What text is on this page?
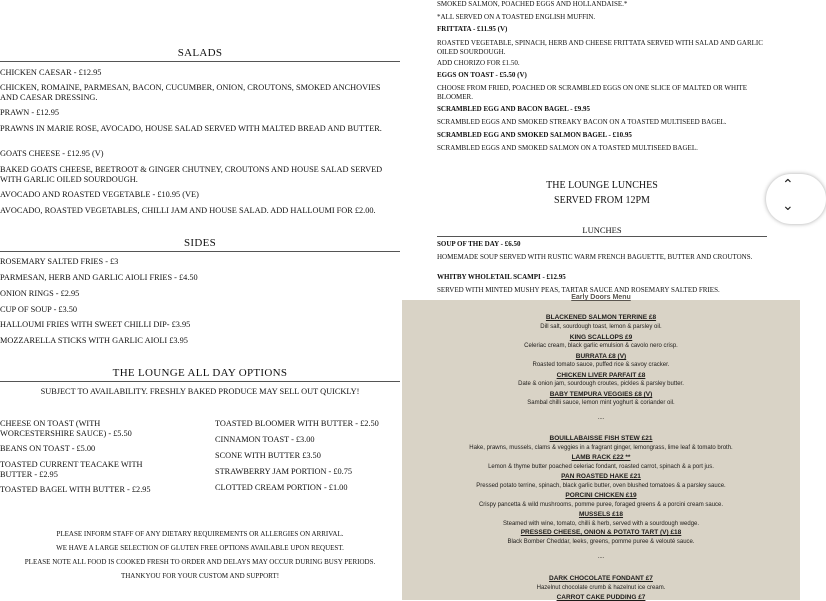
SALADS
CHICKEN CAESAR - £12.95
CHICKEN, ROMAINE, PARMESAN, BACON, CUCUMBER, ONION, CROUTONS, SMOKED ANCHOVIES AND CAESAR DRESSING.
PRAWN - £12.95
PRAWNS IN MARIE ROSE, AVOCADO, HOUSE SALAD SERVED WITH MALTED BREAD AND BUTTER.
GOATS CHEESE - £12.95 (V)
BAKED GOATS CHEESE, BEETROOT & GINGER CHUTNEY, CROUTONS AND HOUSE SALAD SERVED WITH GARLIC OILED SOURDOUGH.
AVOCADO AND ROASTED VEGETABLE - £10.95 (VE)
AVOCADO, ROASTED VEGETABLES, CHILLI JAM AND HOUSE SALAD. ADD HALLOUMI FOR £2.00.
SIDES
ROSEMARY SALTED FRIES - £3
PARMESAN, HERB AND GARLIC AIOLI FRIES - £4.50
ONION RINGS - £2.95
CUP OF SOUP - £3.50
HALLOUMI FRIES WITH SWEET CHILLI DIP- £3.95
MOZZARELLA STICKS WITH GARLIC AIOLI £3.95
THE LOUNGE ALL DAY OPTIONS
SUBJECT TO AVAILABILITY. FRESHLY BAKED PRODUCE MAY SELL OUT QUICKLY!
CHEESE ON TOAST (WITH WORCESTERSHIRE SAUCE) - £5.50
BEANS ON TOAST - £5.00
TOASTED CURRENT TEACAKE WITH BUTTER - £2.95
TOASTED BAGEL WITH BUTTER - £2.95
TOASTED BLOOMER WITH BUTTER - £2.50
CINNAMON TOAST - £3.00
SCONE WITH BUTTER £3.50
STRAWBERRY JAM PORTION - £0.75
CLOTTED CREAM PORTION - £1.00
PLEASE INFORM STAFF OF ANY DIETARY REQUIREMENTS OR ALLERGIES ON ARRIVAL.
WE HAVE A LARGE SELECTION OF GLUTEN FREE OPTIONS AVAILABLE UPON REQUEST.
PLEASE NOTE ALL FOOD IS COOKED FRESH TO ORDER AND DELAYS MAY OCCUR DURING BUSY PERIODS.
THANKYOU FOR YOUR CUSTOM AND SUPPORT!
SMOKED SALMON, POACHED EGGS AND HOLLANDAISE.*
*ALL SERVED ON A TOASTED ENGLISH MUFFIN.
FRITTATA - £11.95 (V)
ROASTED VEGETABLE, SPINACH, HERB AND CHEESE FRITTATA SERVED WITH SALAD AND GARLIC OILED SOURDOUGH.
ADD CHORIZO FOR £1.50.
EGGS ON TOAST - £5.50 (V)
CHOOSE FROM FRIED, POACHED OR SCRAMBLED EGGS ON ONE SLICE OF MALTED OR WHITE BLOOMER.
SCRAMBLED EGG AND BACON BAGEL - £9.95
SCRAMBLED EGGS AND SMOKED STREAKY BACON ON A TOASTED MULTISEED BAGEL.
SCRAMBLED EGG AND SMOKED SALMON BAGEL - £10.95
SCRAMBLED EGGS AND SMOKED SALMON ON A TOASTED MULTISEED BAGEL.
THE LOUNGE LUNCHES
SERVED FROM 12PM
LUNCHES
SOUP OF THE DAY - £6.50
HOMEMADE SOUP SERVED WITH RUSTIC WARM FRENCH BAGUETTE, BUTTER AND CROUTONS.
WHITBY WHOLETAIL SCAMPI - £12.95
SERVED WITH MINTED MUSHY PEAS, TARTAR SAUCE AND ROSEMARY SALTED FRIES.
Early Doors Menu
BLACKENED SALMON TERRINE £8
Dill salt, sourdough toast, lemon & parsley oil.
KING SCALLOPS £9
Celeriac cream, black garlic emulsion & cavolo nero crisp.
BURRATA £8 (V)
Roasted tomato sauce, puffed rice & savoy cracker.
CHICKEN LIVER PARFAIT £8
Date & onion jam, sourdough croutes, pickles & parsley butter.
BABY TEMPURA VEGGIES £8 (V)
Sambal chilli sauce, lemon mint yoghurt & coriander oil.
....
BOUILLABAISSE FISH STEW £21
Hake, prawns, mussels, clams & veggies in a fragrant ginger, lemongrass, lime leaf & tomato broth.
LAMB RACK £22 **
Lemon & thyme butter poached celeriac fondant, roasted carrot, spinach & a port jus.
PAN ROASTED HAKE £21
Pressed potato terrine, spinach, black garlic butter, oven blushed tomatoes & a parsley sauce.
PORCINI CHICKEN £19
Crispy pancetta & wild mushrooms, pomme puree, foraged greens & a porcini cream sauce.
MUSSELS £18
Steamed with wine, tomato, chilli & herb, served with a sourdough wedge.
PRESSED CHEESE, ONION & POTATO TART (V) £18
Black Bomber Cheddar, leeks, greens, pomme puree & velouté sauce.
....
DARK CHOCOLATE FONDANT £7
Hazelnut chocolate crumb & hazelnut ice cream.
CARROT CAKE PUDDING £7
⌃
⌄
